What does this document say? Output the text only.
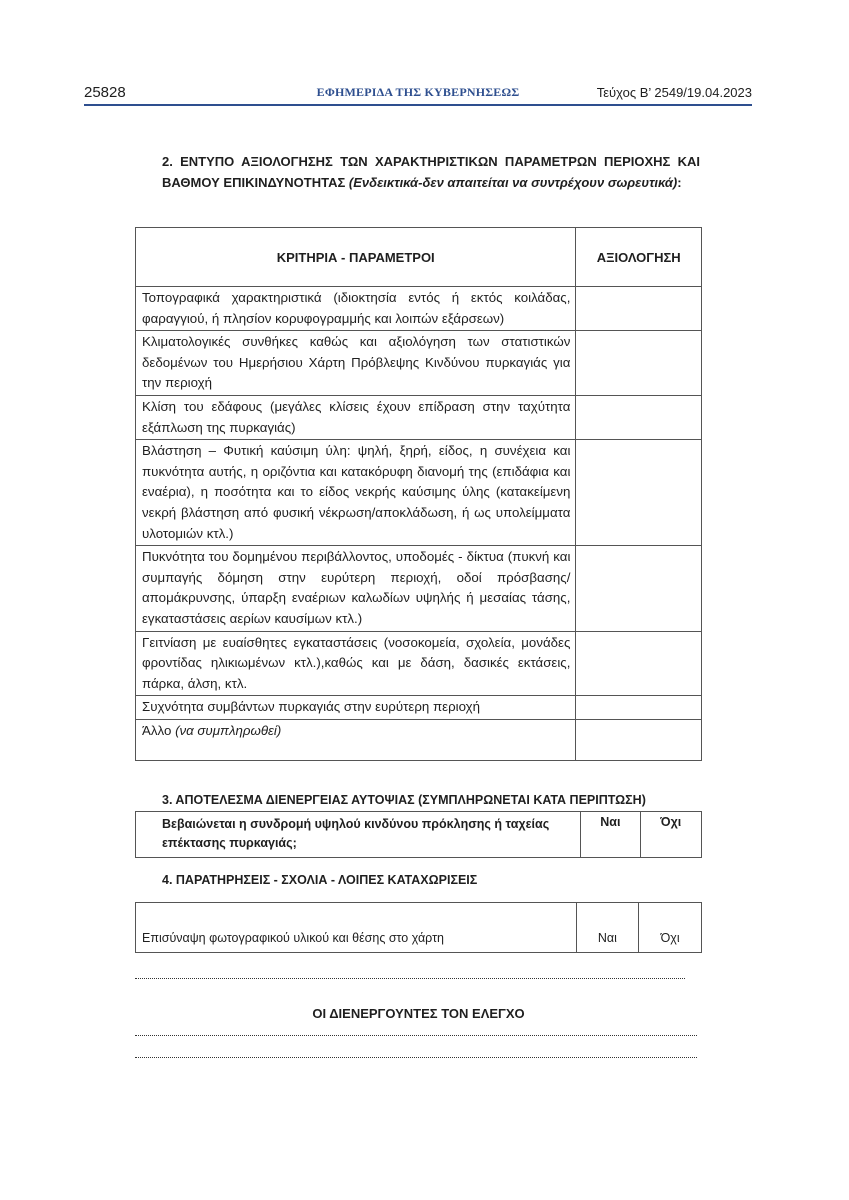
25828	ΕΦΗΜΕΡΙΔΑ ΤΗΣ ΚΥΒΕΡΝΗΣΕΩΣ	Τεύχος Β’ 2549/19.04.2023
2. ΕΝΤΥΠΟ ΑΞΙΟΛΟΓΗΣΗΣ ΤΩΝ ΧΑΡΑΚΤΗΡΙΣΤΙΚΩΝ ΠΑΡΑΜΕΤΡΩΝ ΠΕΡΙΟΧΗΣ ΚΑΙ ΒΑΘΜΟΥ ΕΠΙΚΙΝΔΥΝΟΤΗΤΑΣ (Ενδεικτικά-δεν απαιτείται να συντρέχουν σωρευτικά):
ΚΡΙΤΗΡΙΑ - ΠΑΡΑΜΕΤΡΟΙ	ΑΞΙΟΛΟΓΗΣΗ
Τοπογραφικά χαρακτηριστικά (ιδιοκτησία εντός ή εκτός κοιλάδας, φαραγγιού, ή πλησίον κορυφογραμμής και λοιπών εξάρσεων)	
Κλιματολογικές συνθήκες καθώς και αξιολόγηση των στατιστικών δεδομένων του Ημερήσιου Χάρτη Πρόβλεψης Κινδύνου πυρκαγιάς για την περιοχή	
Κλίση του εδάφους (μεγάλες κλίσεις έχουν επίδραση στην ταχύτητα εξάπλωση της πυρκαγιάς)	
Βλάστηση – Φυτική καύσιμη ύλη: ψηλή, ξηρή, είδος, η συνέχεια και πυκνότητα αυτής, η οριζόντια και κατακόρυφη διανομή της (επιδάφια και εναέρια), η ποσότητα και το είδος νεκρής καύσιμης ύλης (κατακείμενη νεκρή βλάστηση από φυσική νέκρωση/αποκλάδωση, ή ως υπολείμματα υλοτομιών κτλ.)	
Πυκνότητα του δομημένου περιβάλλοντος, υποδομές - δίκτυα (πυκνή και συμπαγής δόμηση στην ευρύτερη περιοχή, οδοί πρόσβασης/απομάκρυνσης, ύπαρξη εναέριων καλωδίων υψηλής ή μεσαίας τάσης, εγκαταστάσεις αερίων καυσίμων κτλ.)	
Γειτνίαση με ευαίσθητες εγκαταστάσεις (νοσοκομεία, σχολεία, μονάδες φροντίδας ηλικιωμένων κτλ.),καθώς και με δάση, δασικές εκτάσεις, πάρκα, άλση, κτλ.	
Συχνότητα συμβάντων πυρκαγιάς στην ευρύτερη περιοχή	
Άλλο (να συμπληρωθεί)	
3. ΑΠΟΤΕΛΕΣΜΑ ΔΙΕΝΕΡΓΕΙΑΣ ΑΥΤΟΨΙΑΣ (ΣΥΜΠΛΗΡΩΝΕΤΑΙ ΚΑΤΑ ΠΕΡΙΠΤΩΣΗ)
Βεβαιώνεται η συνδρομή υψηλού κινδύνου πρόκλησης ή ταχείας επέκτασης πυρκαγιάς;	Ναι	Όχι
4. ΠΑΡΑΤΗΡΗΣΕΙΣ - ΣΧΟΛΙΑ - ΛΟΙΠΕΣ ΚΑΤΑΧΩΡΙΣΕΙΣ
Επισύναψη φωτογραφικού υλικού και θέσης στο χάρτη	Ναι	Όχι
ΟΙ ΔΙΕΝΕΡΓΟΥΝΤΕΣ ΤΟΝ ΕΛΕΓΧΟ
